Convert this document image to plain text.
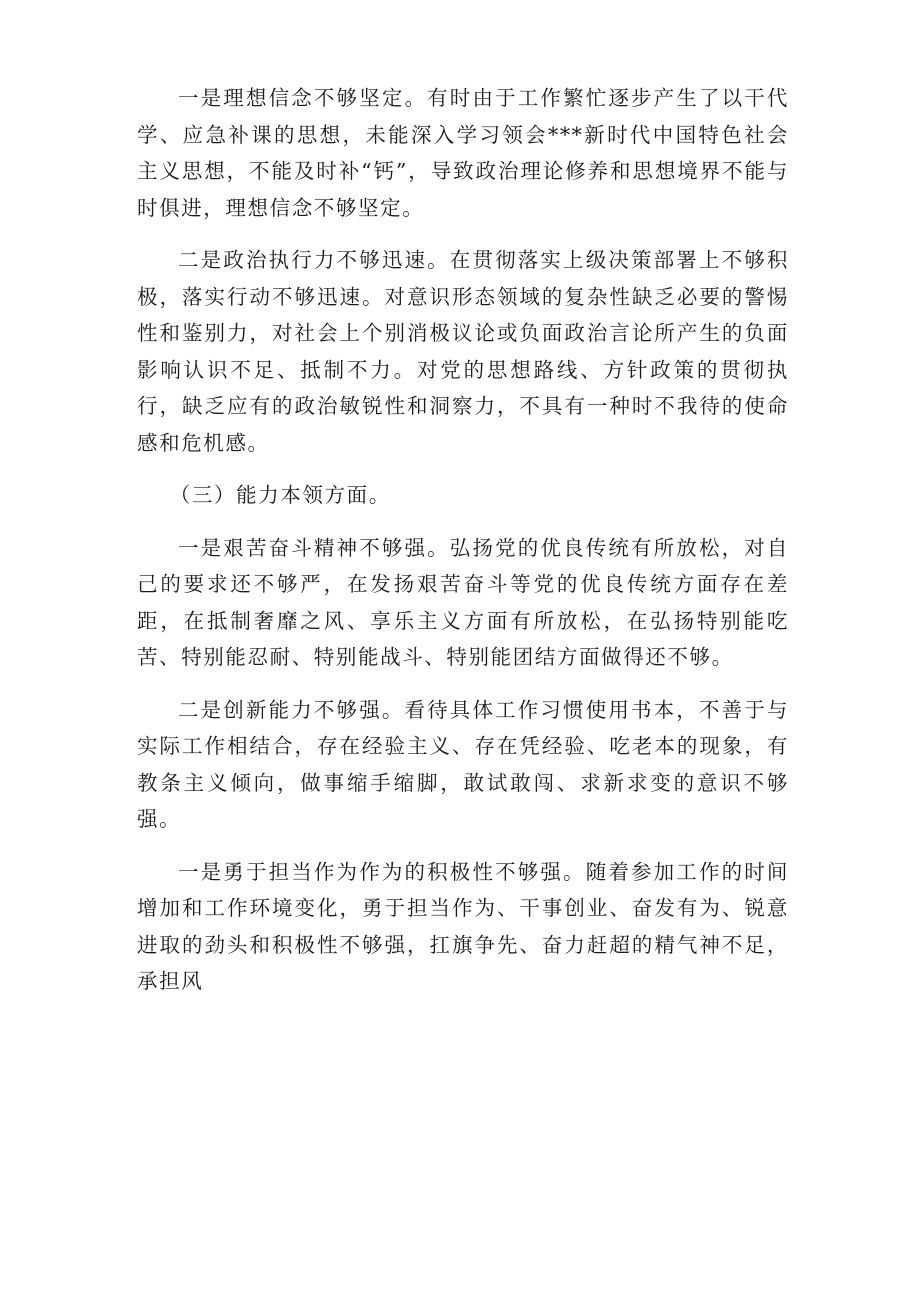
一是理想信念不够坚定。有时由于工作繁忙逐步产生了以干代学、应急补课的思想，未能深入学习领会***新时代中国特色社会主义思想，不能及时补“钙”，导致政治理论修养和思想境界不能与时俱进，理想信念不够坚定。

二是政治执行力不够迅速。在贯彻落实上级决策部署上不够积极，落实行动不够迅速。对意识形态领域的复杂性缺乏必要的警惕性和鉴别力，对社会上个别消极议论或负面政治言论所产生的负面影响认识不足、抵制不力。对党的思想路线、方针政策的贯彻执行，缺乏应有的政治敏锐性和洞察力，不具有一种时不我待的使命感和危机感。

（三）能力本领方面。

一是艰苦奋斗精神不够强。弘扬党的优良传统有所放松，对自己的要求还不够严，在发扬艰苦奋斗等党的优良传统方面存在差距，在抵制奢靡之风、享乐主义方面有所放松，在弘扬特别能吃苦、特别能忍耐、特别能战斗、特别能团结方面做得还不够。

二是创新能力不够强。看待具体工作习惯使用书本，不善于与实际工作相结合，存在经验主义、存在凭经验、吃老本的现象，有教条主义倾向，做事缩手缩脚，敢试敢闯、求新求变的意识不够强。

一是勇于担当作为作为的积极性不够强。随着参加工作的时间增加和工作环境变化，勇于担当作为、干事创业、奋发有为、锐意进取的劲头和积极性不够强，扛旗争先、奋力赶超的精气神不足，承担风
